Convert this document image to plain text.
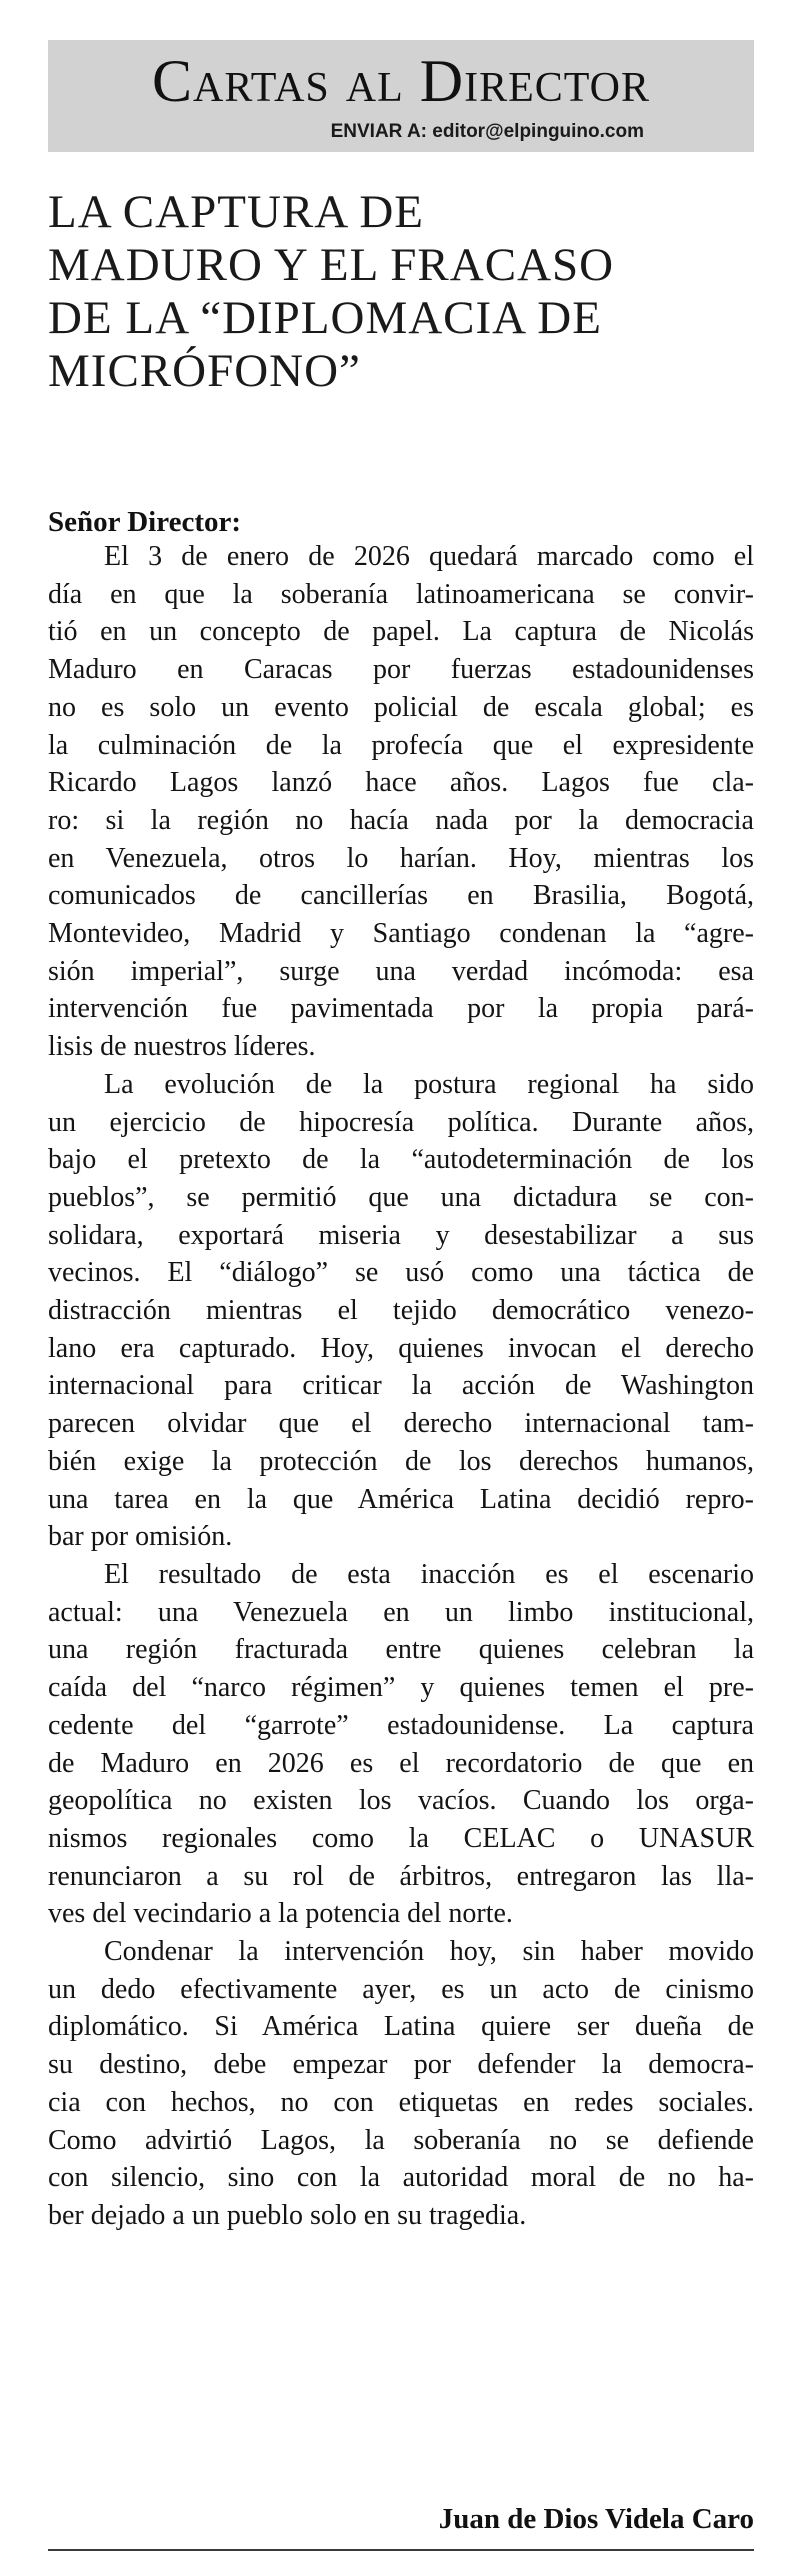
Cartas al Director
ENVIAR A: editor@elpinguino.com
LA CAPTURA DE
MADURO Y EL FRACASO
DE LA “DIPLOMACIA DE
MICRÓFONO”
Señor Director:
El 3 de enero de 2026 quedará marcado como el
día en que la soberanía latinoamericana se convir-
tió en un concepto de papel. La captura de Nicolás
Maduro en Caracas por fuerzas estadounidenses
no es solo un evento policial de escala global; es
la culminación de la profecía que el expresidente
Ricardo Lagos lanzó hace años. Lagos fue cla-
ro: si la región no hacía nada por la democracia
en Venezuela, otros lo harían. Hoy, mientras los
comunicados de cancillerías en Brasilia, Bogotá,
Montevideo, Madrid y Santiago condenan la “agre-
sión imperial”, surge una verdad incómoda: esa
intervención fue pavimentada por la propia pará-
lisis de nuestros líderes.
La evolución de la postura regional ha sido
un ejercicio de hipocresía política. Durante años,
bajo el pretexto de la “autodeterminación de los
pueblos”, se permitió que una dictadura se con-
solidara, exportará miseria y desestabilizar a sus
vecinos. El “diálogo” se usó como una táctica de
distracción mientras el tejido democrático venezo-
lano era capturado. Hoy, quienes invocan el derecho
internacional para criticar la acción de Washington
parecen olvidar que el derecho internacional tam-
bién exige la protección de los derechos humanos,
una tarea en la que América Latina decidió repro-
bar por omisión.
El resultado de esta inacción es el escenario
actual: una Venezuela en un limbo institucional,
una región fracturada entre quienes celebran la
caída del “narco régimen” y quienes temen el pre-
cedente del “garrote” estadounidense. La captura
de Maduro en 2026 es el recordatorio de que en
geopolítica no existen los vacíos. Cuando los orga-
nismos regionales como la CELAC o UNASUR
renunciaron a su rol de árbitros, entregaron las lla-
ves del vecindario a la potencia del norte.
Condenar la intervención hoy, sin haber movido
un dedo efectivamente ayer, es un acto de cinismo
diplomático. Si América Latina quiere ser dueña de
su destino, debe empezar por defender la democra-
cia con hechos, no con etiquetas en redes sociales.
Como advirtió Lagos, la soberanía no se defiende
con silencio, sino con la autoridad moral de no ha-
ber dejado a un pueblo solo en su tragedia.
Juan de Dios Videla Caro
